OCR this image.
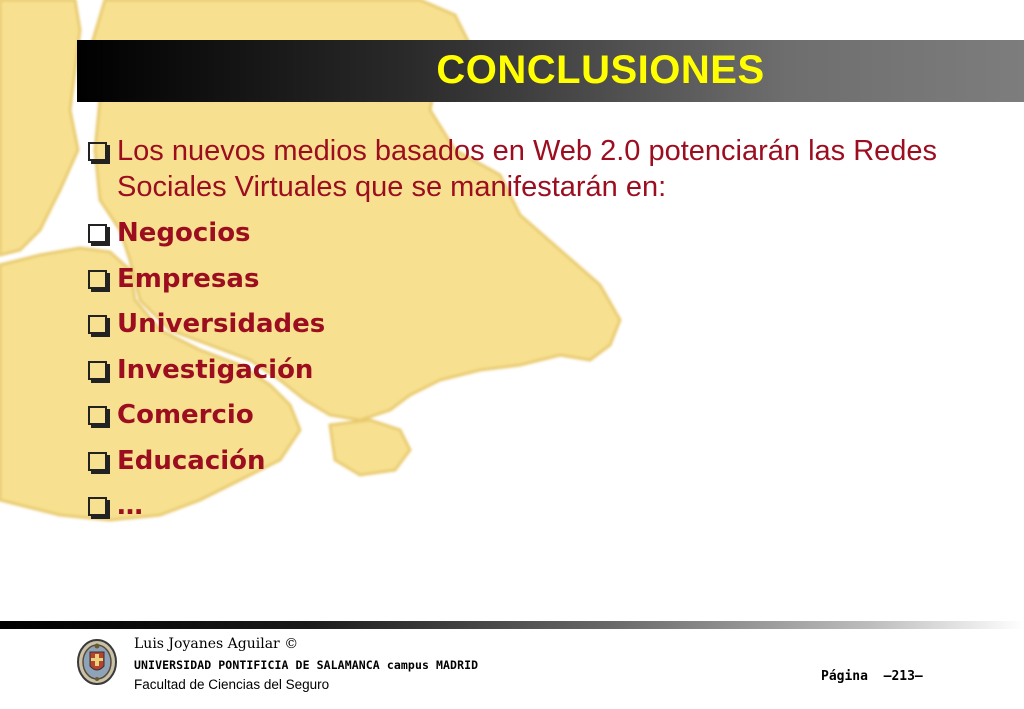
CONCLUSIONES
Los nuevos medios basados en Web 2.0 potenciarán las Redes Sociales Virtuales que se manifestarán en:
Negocios
Empresas
Universidades
Investigación
Comercio
Educación
…
Luis Joyanes Aguilar ©
UNIVERSIDAD PONTIFICIA DE SALAMANCA campus MADRID
Facultad de Ciencias del Seguro
Página –213–
